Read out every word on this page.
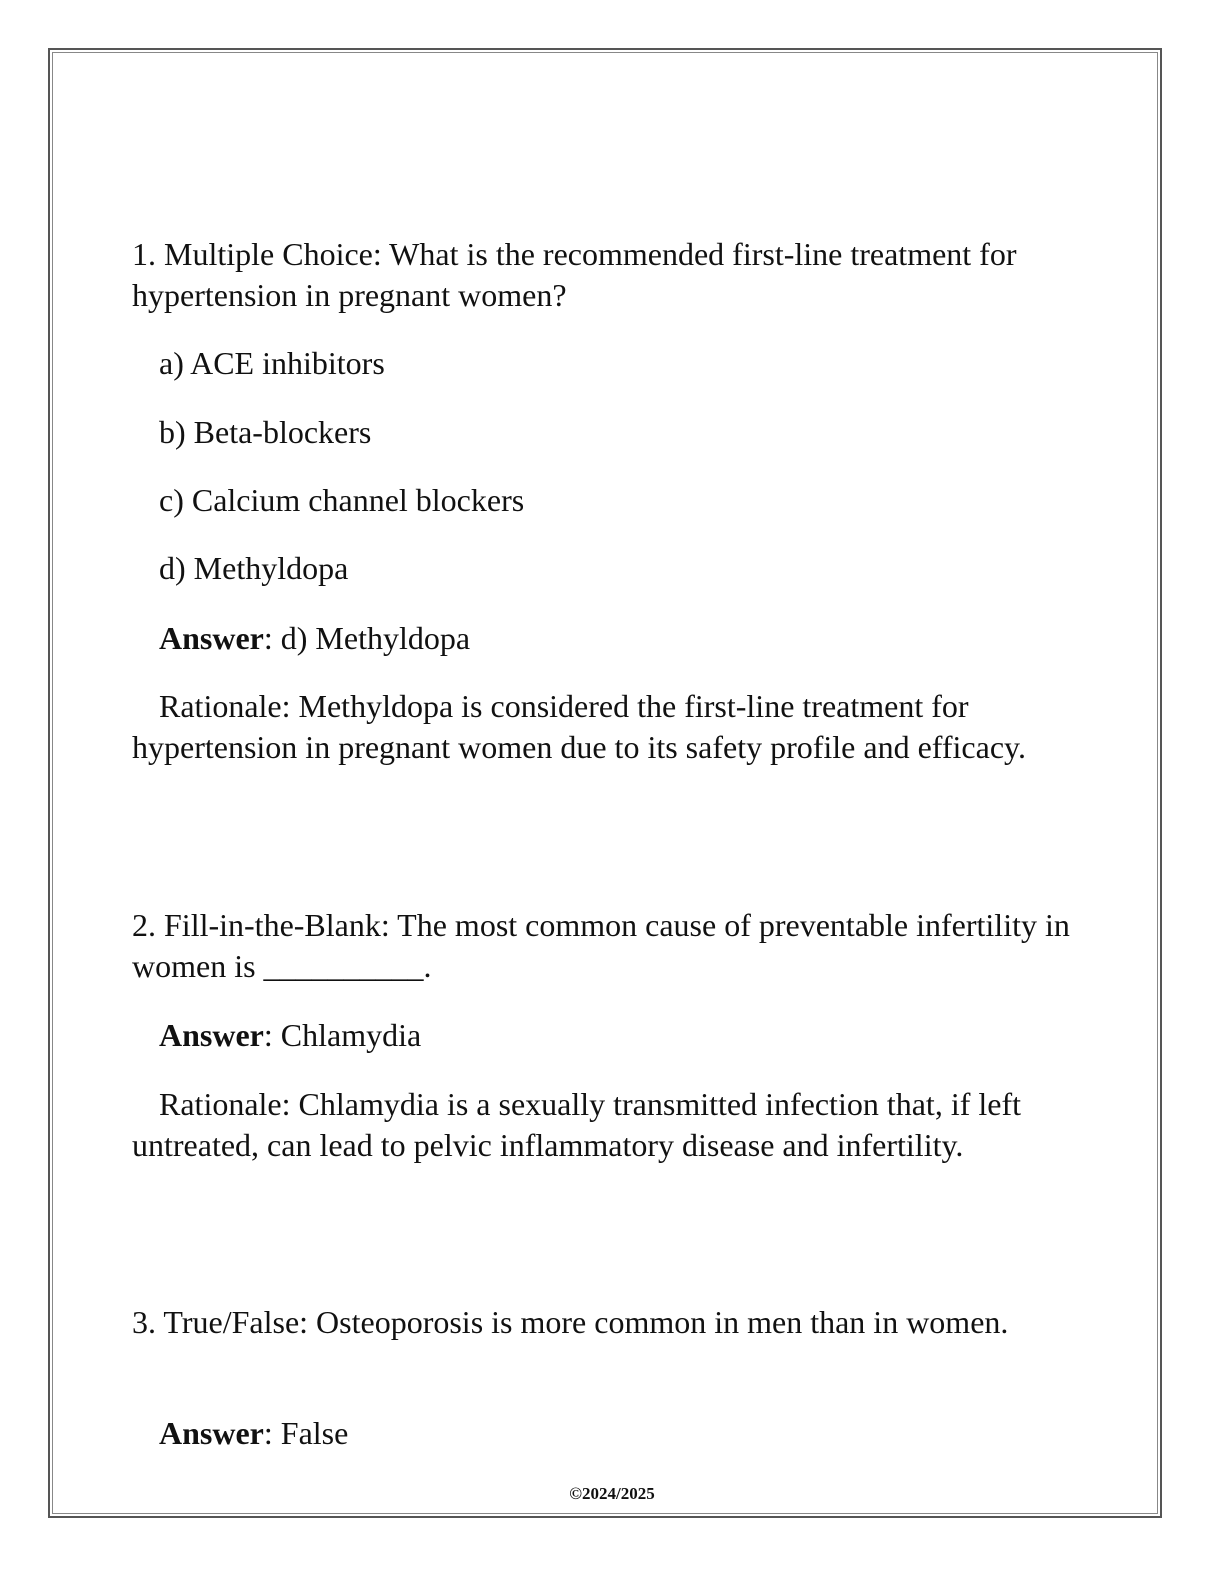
1. Multiple Choice: What is the recommended first-line treatment for hypertension in pregnant women?

a) ACE inhibitors

b) Beta-blockers

c) Calcium channel blockers

d) Methyldopa

Answer: d) Methyldopa

Rationale: Methyldopa is considered the first-line treatment for hypertension in pregnant women due to its safety profile and efficacy.

2. Fill-in-the-Blank: The most common cause of preventable infertility in women is __________.

Answer: Chlamydia

Rationale: Chlamydia is a sexually transmitted infection that, if left untreated, can lead to pelvic inflammatory disease and infertility.

3. True/False: Osteoporosis is more common in men than in women.

Answer: False

©2024/2025
